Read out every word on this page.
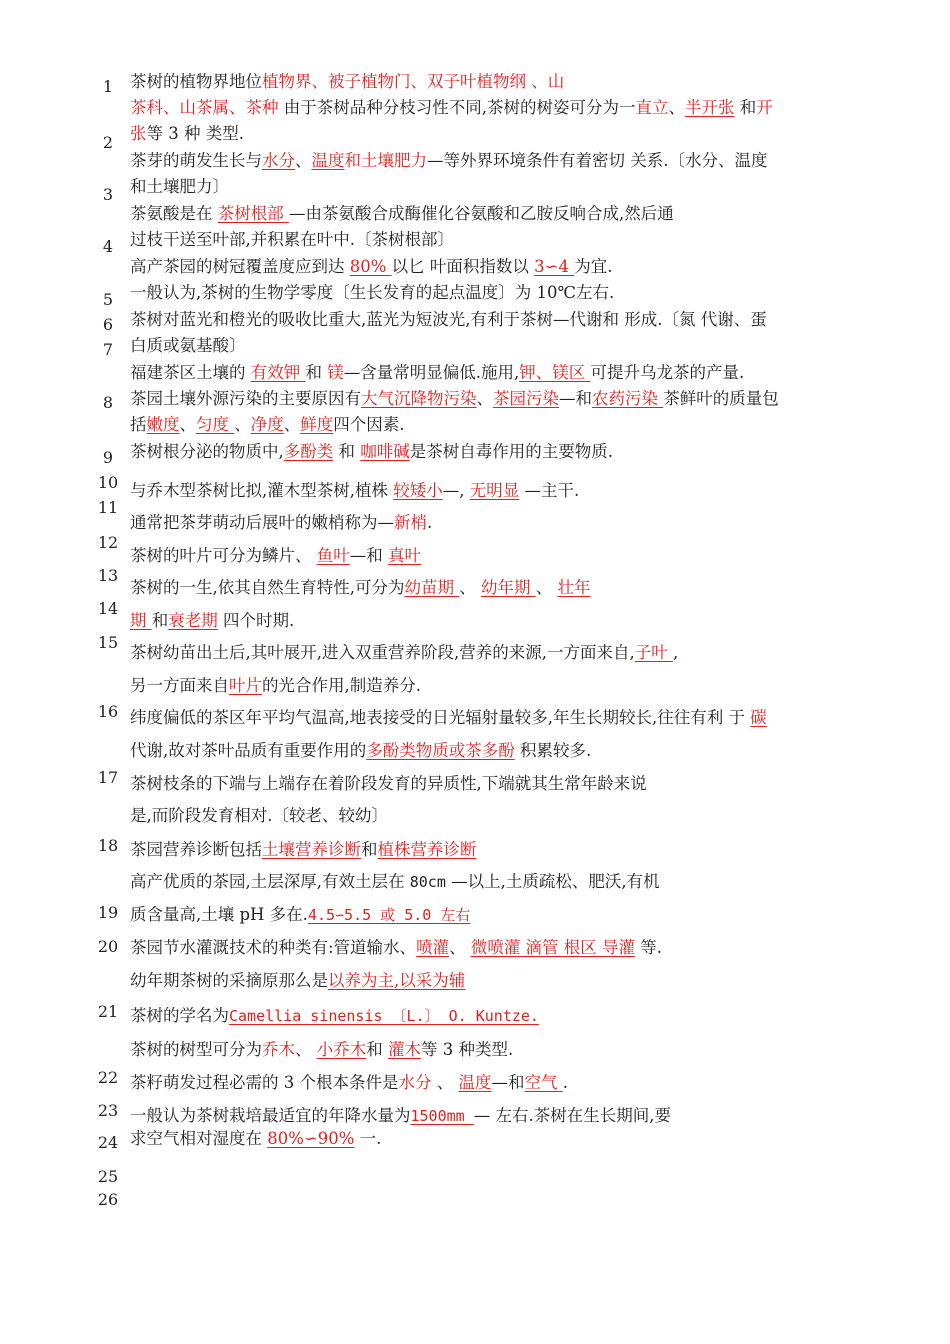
1
2
3
4
5
6
7
8
9
10
11
12
13
14
15
16
17
18
19
20
21
22
23
24
25
26
茶树的植物界地位植物界、被子植物门、双子叶植物纲 、山
茶科、山茶属、茶种 由于茶树品种分枝习性不同,茶树的树姿可分为一直立、半开张 和开
张等 3 种 类型.
茶芽的萌发生长与水分、温度和土壤肥力—等外界环境条件有着密切 关系.〔水分、温度
和土壤肥力〕
茶氨酸是在 茶树根部 —由茶氨酸合成酶催化谷氨酸和乙胺反响合成,然后通
过枝干送至叶部,并积累在叶中.〔茶树根部〕
高产茶园的树冠覆盖度应到达 80% 以匕 叶面积指数以 3∽4 为宜.
一般认为,茶树的生物学零度〔生长发育的起点温度〕为 10℃左右.
茶树对蓝光和橙光的吸收比重大,蓝光为短波光,有利于茶树—代谢和 形成.〔氮 代谢、蛋
白质或氨基酸〕
福建茶区土壤的 有效钾 和 镁—含量常明显偏低.施用,钾、镁区 可提升乌龙茶的产量.
茶园土壤外源污染的主要原因有大气沉降物污染、茶园污染—和农药污染 茶鲜叶的质量包
括嫩度、匀度 、净度、鲜度四个因素.
茶树根分泌的物质中,多酚类 和 咖啡碱是茶树自毒作用的主要物质.
与乔木型茶树比拟,灌木型茶树,植株 较矮小—, 无明显 —主干.
通常把茶芽萌动后展叶的嫩梢称为—新梢.
茶树的叶片可分为鳞片、 鱼叶—和 真叶
茶树的一生,依其自然生育特性,可分为幼苗期 、 幼年期 、 壮年
期 和衰老期 四个时期.
茶树幼苗出土后,其叶展开,进入双重营养阶段,营养的来源,一方面来自,子叶 ,
另一方面来自叶片的光合作用,制造养分.
纬度偏低的茶区年平均气温高,地表接受的日光辐射量较多,年生长期较长,往往有利 于 碳
代谢,故对茶叶品质有重要作用的多酚类物质或茶多酚 积累较多.
茶树枝条的下端与上端存在着阶段发育的异质性,下端就其生常年龄来说
是,而阶段发育相对.〔较老、较幼〕
茶园营养诊断包括土壤营养诊断和植株营养诊断
高产优质的茶园,土层深厚,有效土层在 80cm —以上,土质疏松、肥沃,有机
质含量高,土壤 pH 多在.4.5∽5.5 或 5.0 左右
茶园节水灌溉技术的种类有:管道输水、喷灌、 微喷灌 滴管 根区 导灌 等.
幼年期茶树的采摘原那么是以养为主,以采为辅
茶树的学名为Camellia sinensis 〔L.〕 O. Kuntze.
茶树的树型可分为乔木、 小乔木和 灌木等 3 种类型.
茶籽萌发过程必需的 3 个根本条件是水分 、 温度—和空气 .
一般认为茶树栽培最适宜的年降水量为1500mm — 左右.茶树在生长期间,要
求空气相对湿度在 80%∽90% 一.
